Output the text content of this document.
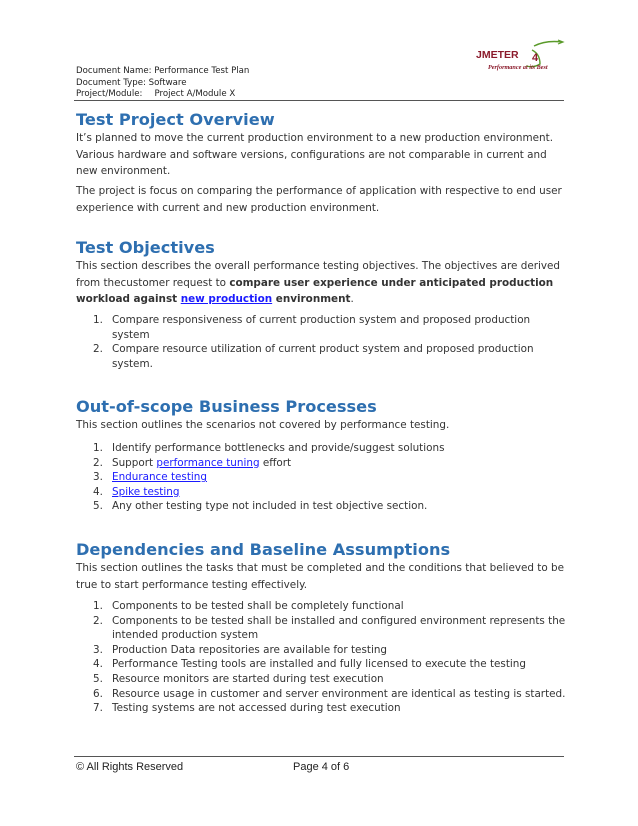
Document Name: Performance Test Plan
Document Type: Software
Project/Module: Project A/Module X
JMETER 4
Performance at its Best
Test Project Overview

It’s planned to move the current production environment to a new production environment. Various hardware and software versions, configurations are not comparable in current and new environment.

The project is focus on comparing the performance of application with respective to end user experience with current and new production environment.

Test Objectives

This section describes the overall performance testing objectives. The objectives are derived from thecustomer request to compare user experience under anticipated production workload against new production environment.

1. Compare responsiveness of current production system and proposed production system
2. Compare resource utilization of current product system and proposed production system.
Out-of-scope Business Processes

This section outlines the scenarios not covered by performance testing.

1. Identify performance bottlenecks and provide/suggest solutions
2. Support performance tuning effort
3. Endurance testing
4. Spike testing
5. Any other testing type not included in test objective section.
Dependencies and Baseline Assumptions

This section outlines the tasks that must be completed and the conditions that believed to be true to start performance testing effectively.

1. Components to be tested shall be completely functional
2. Components to be tested shall be installed and configured environment represents the intended production system
3. Production Data repositories are available for testing
4. Performance Testing tools are installed and fully licensed to execute the testing
5. Resource monitors are started during test execution
6. Resource usage in customer and server environment are identical as testing is started.
7. Testing systems are not accessed during test execution
© All Rights Reserved	Page 4 of 6
